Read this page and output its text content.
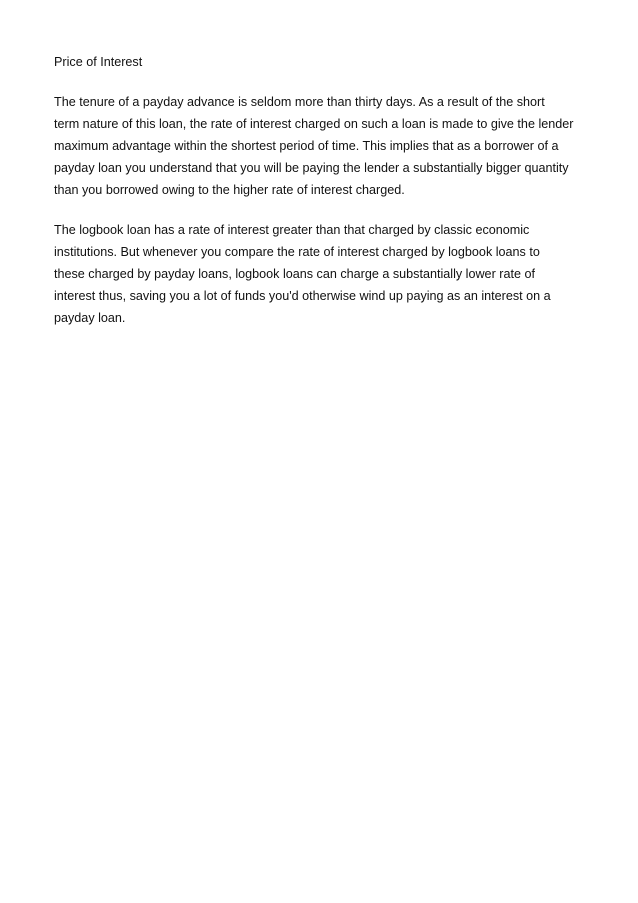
Price of Interest
The tenure of a payday advance is seldom more than thirty days. As a result of the short
term nature of this loan, the rate of interest charged on such a loan is made to give the lender
maximum advantage within the shortest period of time. This implies that as a borrower of a
payday loan you understand that you will be paying the lender a substantially bigger quantity
than you borrowed owing to the higher rate of interest charged.
The logbook loan has a rate of interest greater than that charged by classic economic
institutions. But whenever you compare the rate of interest charged by logbook loans to
these charged by payday loans, logbook loans can charge a substantially lower rate of
interest thus, saving you a lot of funds you'd otherwise wind up paying as an interest on a
payday loan.
